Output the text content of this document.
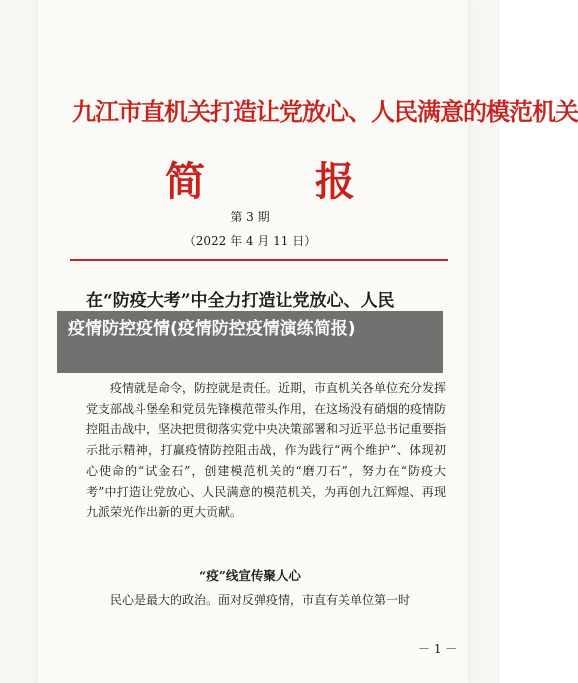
九江市直机关打造让党放心、人民满意的模范机关
简 报
第 3 期
（2022 年 4 月 11 日）
在“防疫大考”中全力打造让党放心、人民
疫情防控疫情(疫情防控疫情演练简报)

疫情就是命令，防控就是责任。近期，市直机关各单位充分发挥党支部战斗堡垒和党员先锋模范带头作用，在这场没有硝烟的疫情防控阻击战中，坚决把贯彻落实党中央决策部署和习近平总书记重要指示批示精神，打赢疫情防控阻击战，作为践行“两个维护”、体现初心使命的“试金石”，创建模范机关的“磨刀石”，努力在“防疫大考”中打造让党放心、人民满意的模范机关，为再创九江辉煌、再现九派荣光作出新的更大贡献。

“疫”线宣传聚人心

民心是最大的政治。面对反弹疫情，市直有关单位第一时

－ 1 －
